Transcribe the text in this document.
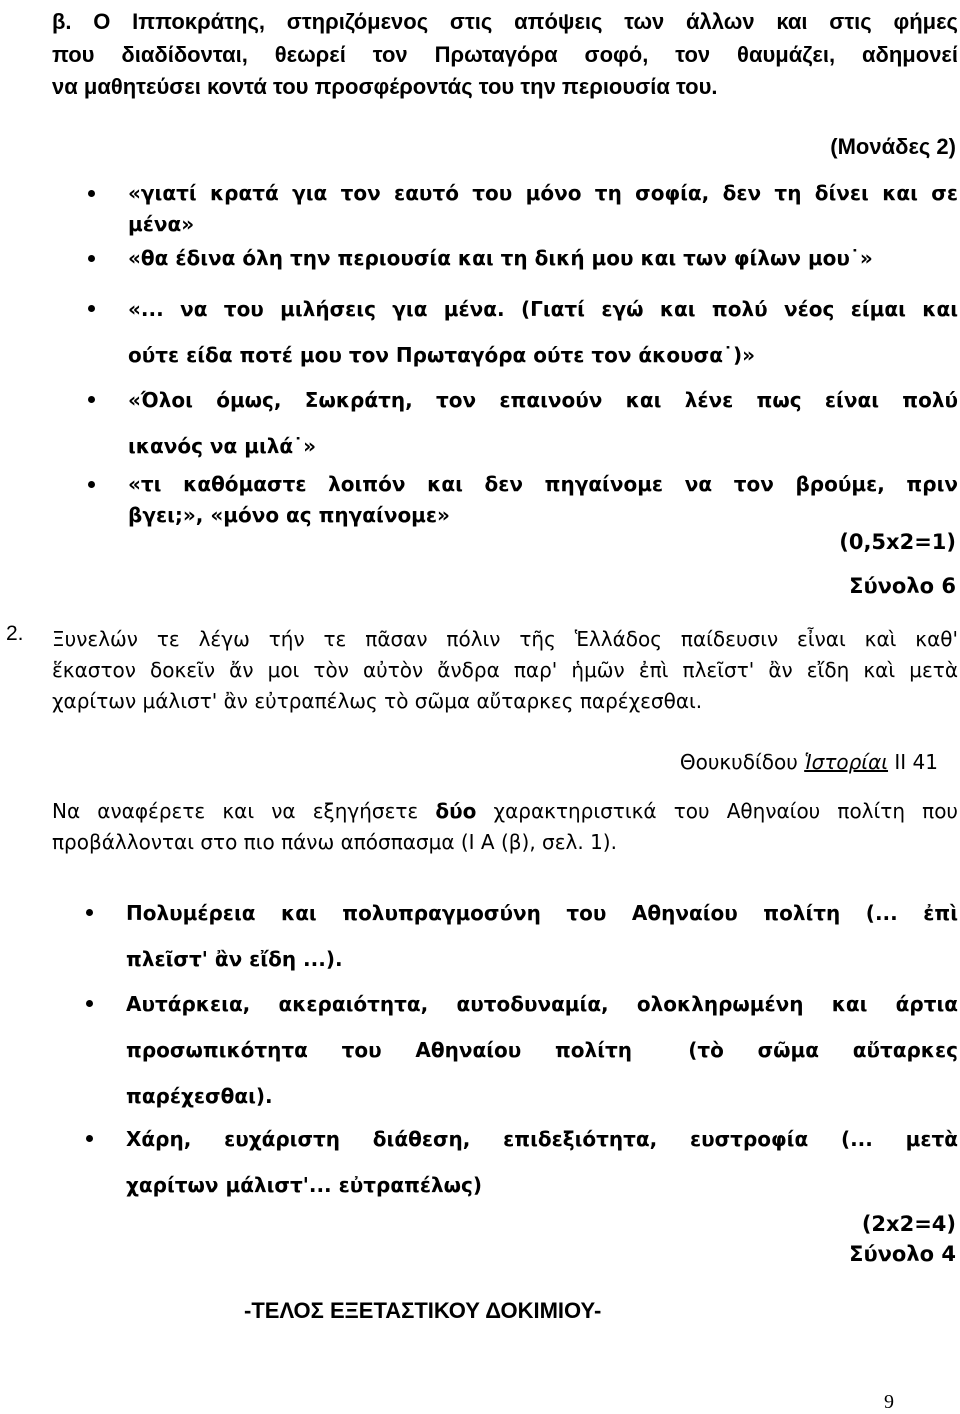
β. Ο Ιπποκράτης, στηριζόμενος στις απόψεις των άλλων και στις φήμες
που διαδίδονται, θεωρεί τον Πρωταγόρα σοφό, τον θαυμάζει, αδημονεί
να μαθητεύσει κοντά του προσφέροντάς του την περιουσία του.
(Μονάδες 2)
«γιατί κρατά για τον εαυτό του μόνο τη σοφία, δεν τη δίνει και σε
μένα»
«θα έδινα όλη την περιουσία και τη δική μου και των φίλων μου˙»
«... να του μιλήσεις για μένα. (Γιατί εγώ και πολύ νέος είμαι και
ούτε είδα ποτέ μου τον Πρωταγόρα ούτε τον άκουσα˙)»
«Όλοι όμως, Σωκράτη, τον επαινούν και λένε πως είναι πολύ
ικανός να μιλά˙»
«τι καθόμαστε λοιπόν και δεν πηγαίνομε να τον βρούμε, πριν
βγει;», «μόνο ας πηγαίνομε»
(0,5x2=1)
Σύνολο 6
2. Ξυνελών τε λέγω τήν τε πᾶσαν πόλιν τῆς Ἑλλάδος παίδευσιν εἶναι καὶ καθ'
ἕκαστον δοκεῖν ἄν μοι τὸν αὐτὸν ἄνδρα παρ' ἡμῶν ἐπὶ πλεῖστ' ἂν εἴδη καὶ μετὰ
χαρίτων μάλιστ' ἂν εὐτραπέλως τὸ σῶμα αὔταρκες παρέχεσθαι.
Θουκυδίδου Ἱστορίαι II 41
Να αναφέρετε και να εξηγήσετε δύο χαρακτηριστικά του Αθηναίου πολίτη που
προβάλλονται στο πιο πάνω απόσπασμα (Ι Α (β), σελ. 1).
Πολυμέρεια και πολυπραγμοσύνη του Αθηναίου πολίτη (... ἐπὶ
πλεῖστ' ἂν εἴδη ...).
Αυτάρκεια, ακεραιότητα, αυτοδυναμία, ολοκληρωμένη και άρτια
προσωπικότητα   του   Αθηναίου   πολίτη     (τὸ   σῶμα   αὔταρκες
παρέχεσθαι).
Χάρη, ευχάριστη διάθεση, επιδεξιότητα, ευστροφία (... μετὰ
χαρίτων μάλιστ'... εὐτραπέλως)
(2x2=4)
Σύνολο 4
-ΤΕΛΟΣ ΕΞΕΤΑΣΤΙΚΟΥ ΔΟΚΙΜΙΟΥ-
9
